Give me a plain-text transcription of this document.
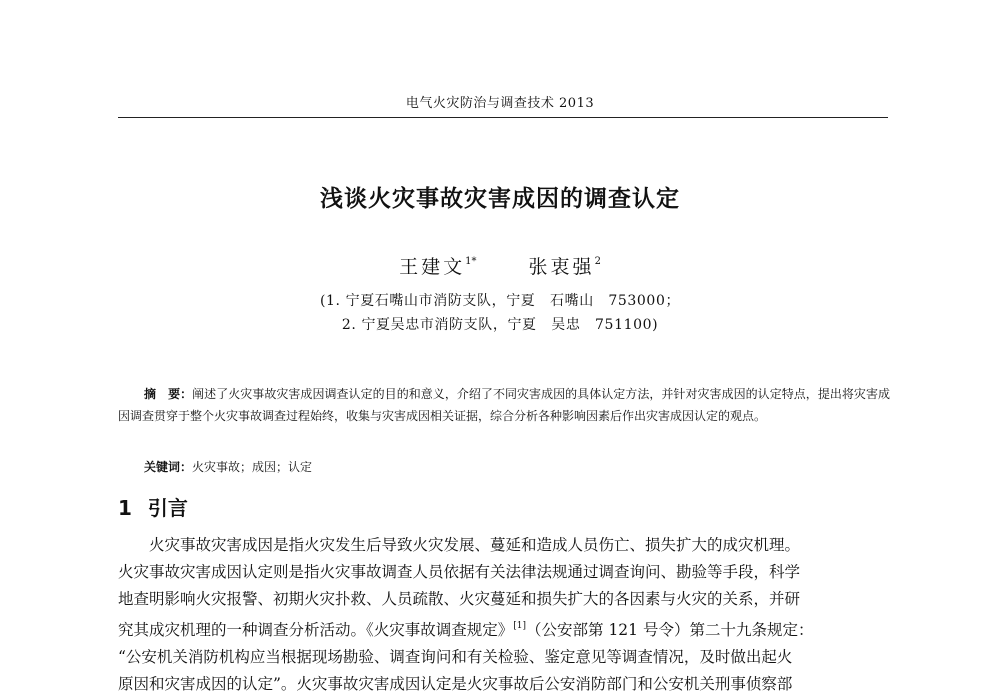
电气火灾防治与调查技术 2013
浅谈火灾事故灾害成因的调查认定
王建文$^{1*}$	张衷强$^2$
(1. 宁夏石嘴山市消防支队，宁夏　石嘴山　753000；
2. 宁夏吴忠市消防支队，宁夏　吴忠　751100)

摘　要：阐述了火灾事故灾害成因调查认定的目的和意义，介绍了不同灾害成因的具体认定方法，并针对灾害成因的认定特点，提出将灾害成因调查贯穿于整个火灾事故调查过程始终，收集与灾害成因相关证据，综合分析各种影响因素后作出灾害成因认定的观点。

关键词：火灾事故；成因；认定
1 引言

火灾事故灾害成因是指火灾发生后导致火灾发展、蔓延和造成人员伤亡、损失扩大的成灾机理。
火灾事故灾害成因认定则是指火灾事故调查人员依据有关法律法规通过调查询问、勘验等手段，科学
地查明影响火灾报警、初期火灾扑救、人员疏散、火灾蔓延和损失扩大的各因素与火灾的关系，并研
究其成灾机理的一种调查分析活动。《火灾事故调查规定》[1]（公安部第 121 号令）第二十九条规定：
“公安机关消防机构应当根据现场勘验、调查询问和有关检验、鉴定意见等调查情况，及时做出起火
原因和灾害成因的认定”。火灾事故灾害成因认定是火灾事故后公安消防部门和公安机关刑事侦察部
